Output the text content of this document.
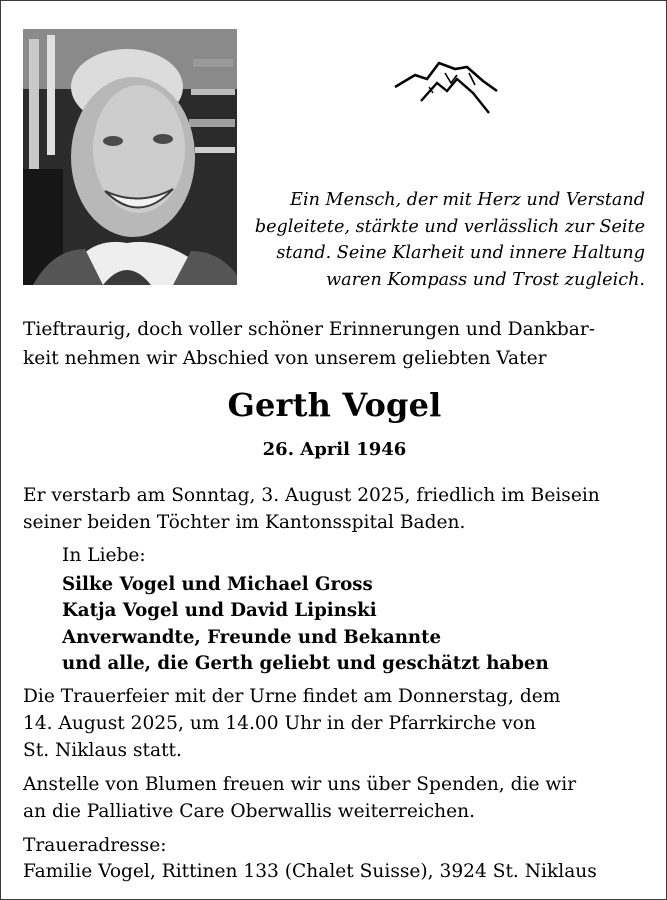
Ein Mensch, der mit Herz und Verstand
begleitete, stärkte und verlässlich zur Seite
stand. Seine Klarheit und innere Haltung
waren Kompass und Trost zugleich.
Tieftraurig, doch voller schöner Erinnerungen und Dankbar-
keit nehmen wir Abschied von unserem geliebten Vater
Gerth Vogel
26. April 1946
Er verstarb am Sonntag, 3. August 2025, friedlich im Beisein
seiner beiden Töchter im Kantonsspital Baden.
In Liebe:
Silke Vogel und Michael Gross
Katja Vogel und David Lipinski
Anverwandte, Freunde und Bekannte
und alle, die Gerth geliebt und geschätzt haben
Die Trauerfeier mit der Urne findet am Donnerstag, dem
14. August 2025, um 14.00 Uhr in der Pfarrkirche von
St. Niklaus statt.
Anstelle von Blumen freuen wir uns über Spenden, die wir
an die Palliative Care Oberwallis weiterreichen.
Traueradresse:
Familie Vogel, Rittinen 133 (Chalet Suisse), 3924 St. Niklaus
